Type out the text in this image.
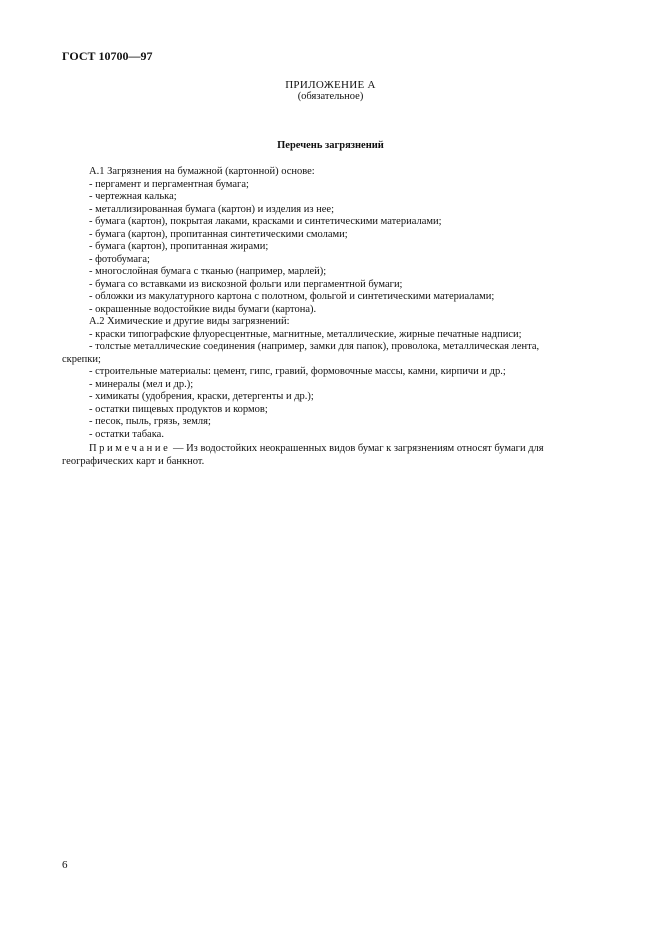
ГОСТ 10700—97
ПРИЛОЖЕНИЕ А
(обязательное)
Перечень загрязнений
А.1 Загрязнения на бумажной (картонной) основе:
- пергамент и пергаментная бумага;
- чертежная калька;
- металлизированная бумага (картон) и изделия из нее;
- бумага (картон), покрытая лаками, красками и синтетическими материалами;
- бумага (картон), пропитанная синтетическими смолами;
- бумага (картон), пропитанная жирами;
- фотобумага;
- многослойная бумага с тканью (например, марлей);
- бумага со вставками из вискозной фольги или пергаментной бумаги;
- обложки из макулатурного картона с полотном, фольгой и синтетическими материалами;
- окрашенные водостойкие виды бумаги (картона).
А.2 Химические и другие виды загрязнений:
- краски типографские флуоресцентные, магнитные, металлические, жирные печатные надписи;
- толстые металлические соединения (например, замки для папок), проволока, металлическая лента,
скрепки;
- строительные материалы: цемент, гипс, гравий, формовочные массы, камни, кирпичи и др.;
- минералы (мел и др.);
- химикаты (удобрения, краски, детергенты и др.);
- остатки пищевых продуктов и кормов;
- песок, пыль, грязь, земля;
- остатки табака.
Примечание — Из водостойких неокрашенных видов бумаг к загрязнениям относят бумаги для
географических карт и банкнот.
6
